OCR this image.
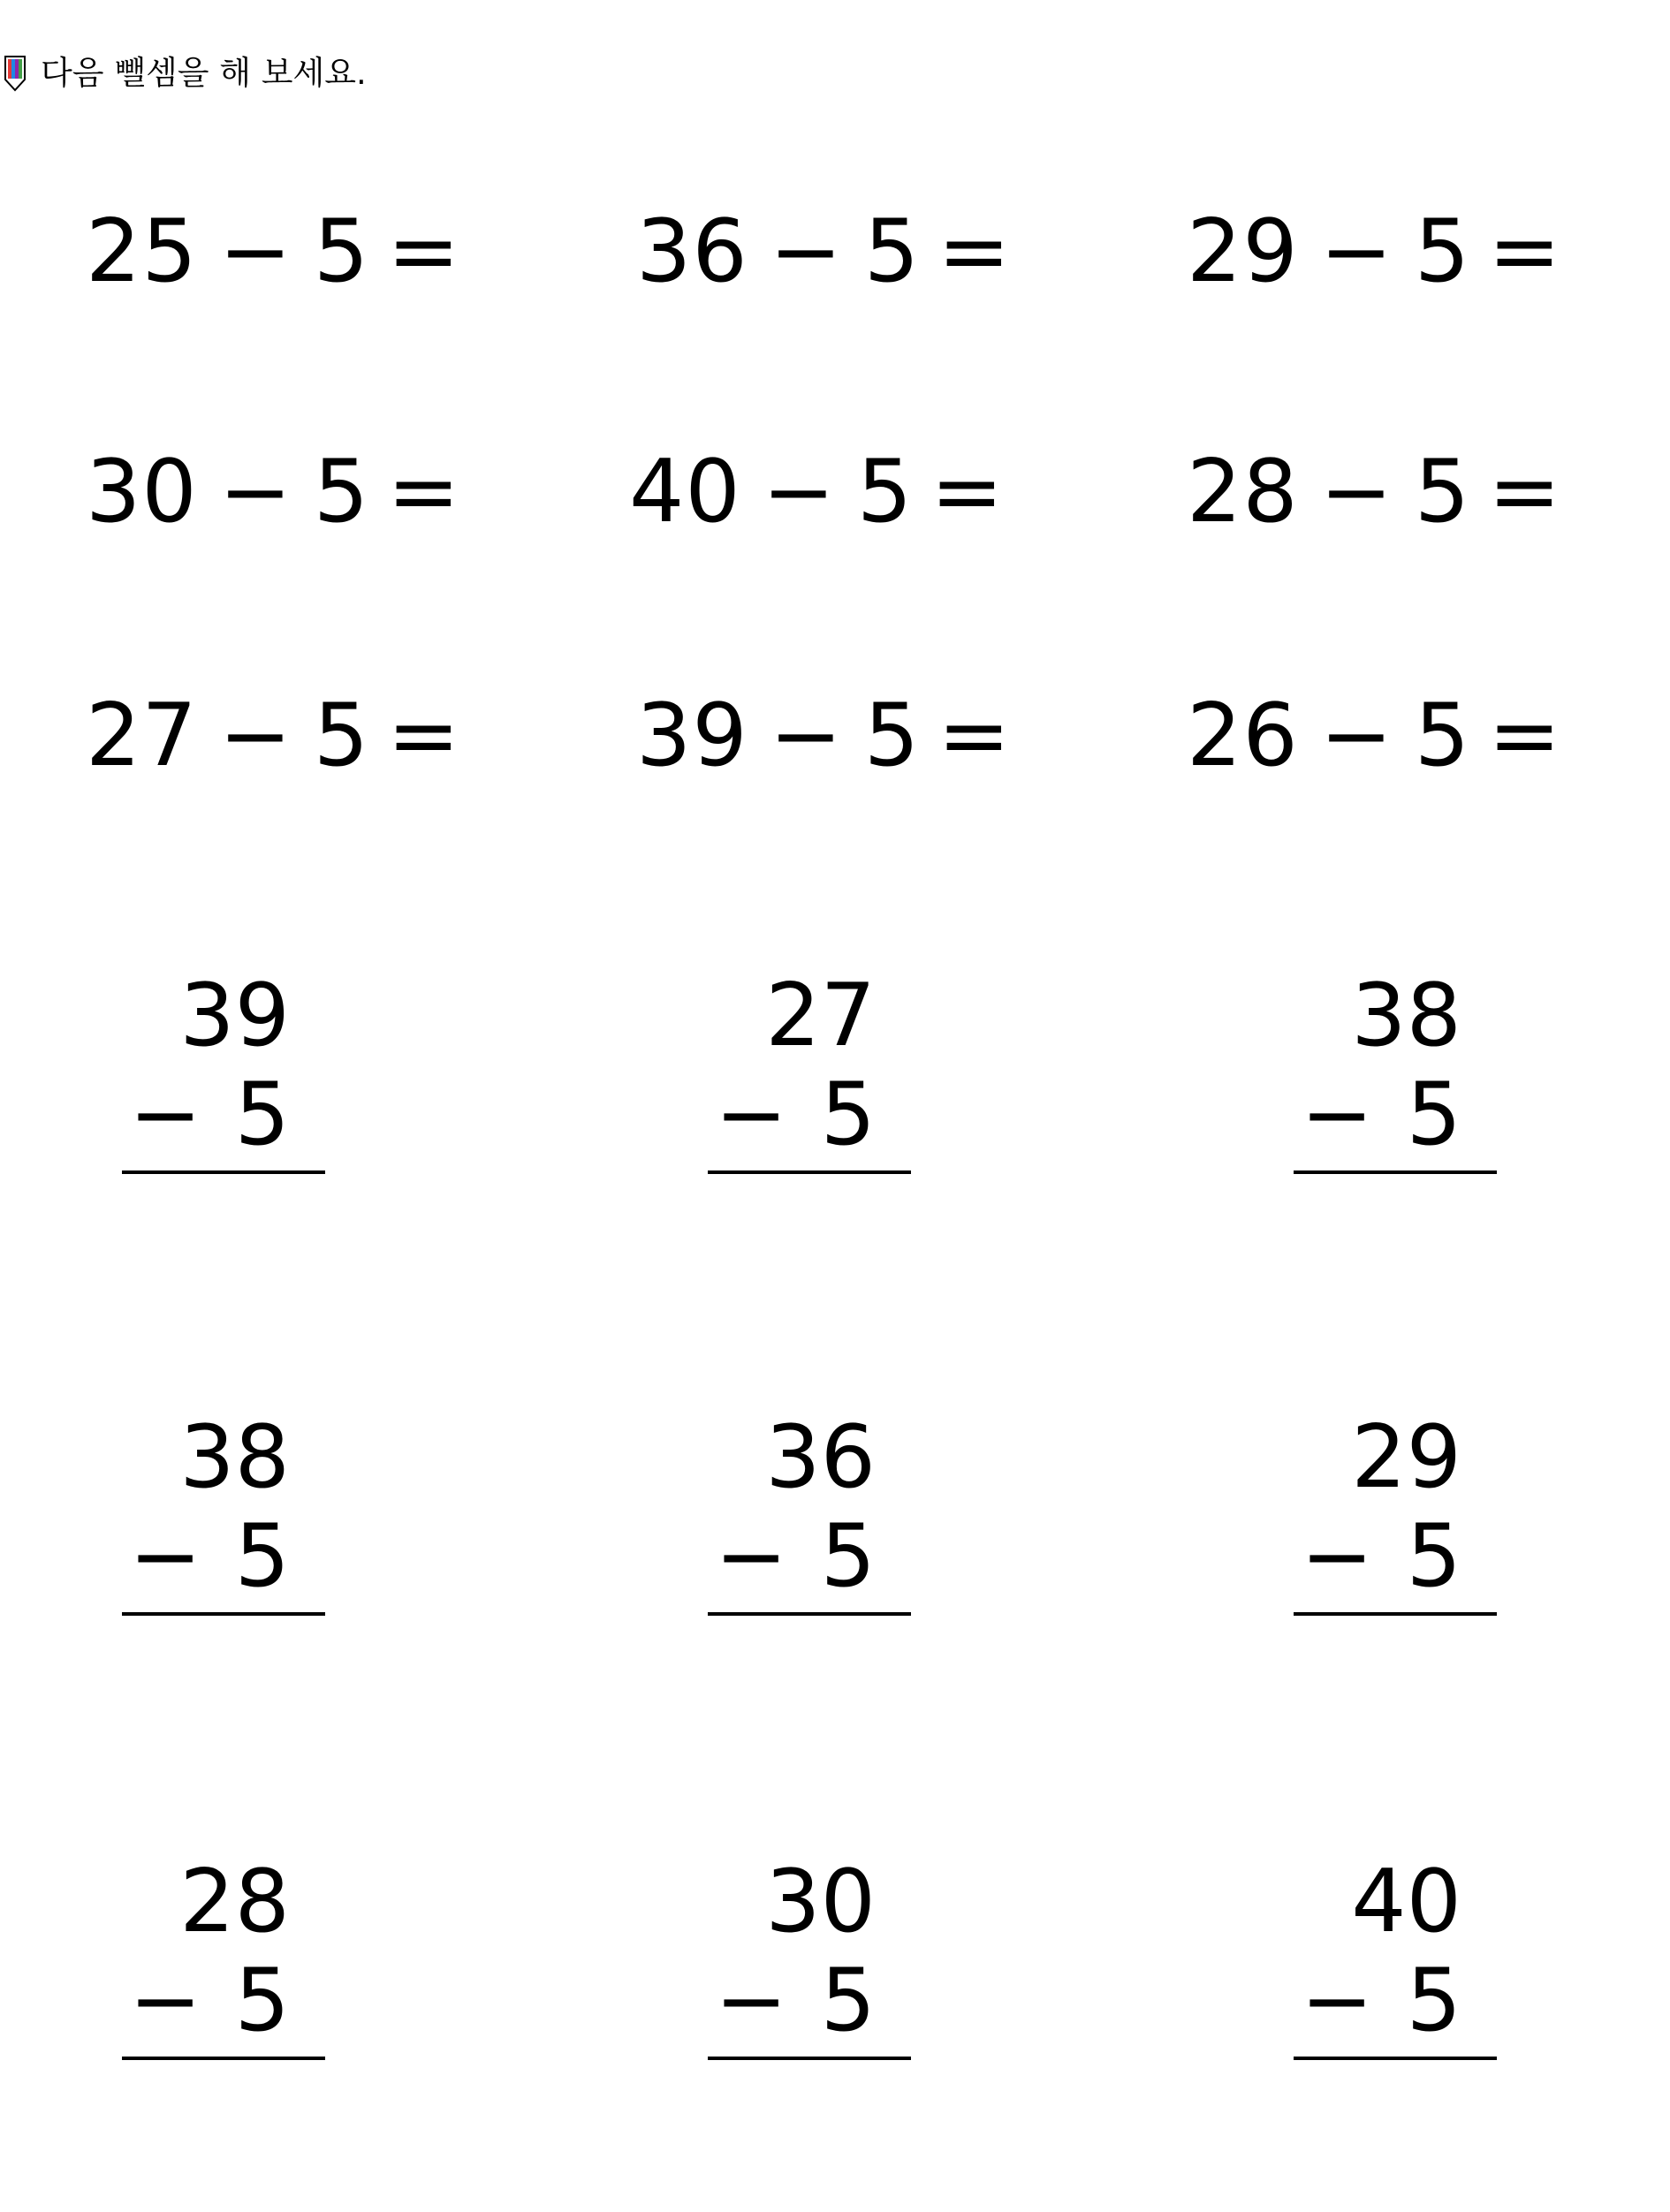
다음 뺄셈을 해 보세요.
25 − 5 = 36 − 5 = 29 − 5 =
30 − 5 = 40 − 5 = 28 − 5 =
27 − 5 = 39 − 5 = 26 − 5 =
39
− 5
27
− 5
38
− 5
38
− 5
36
− 5
29
− 5
28
− 5
30
− 5
40
− 5
